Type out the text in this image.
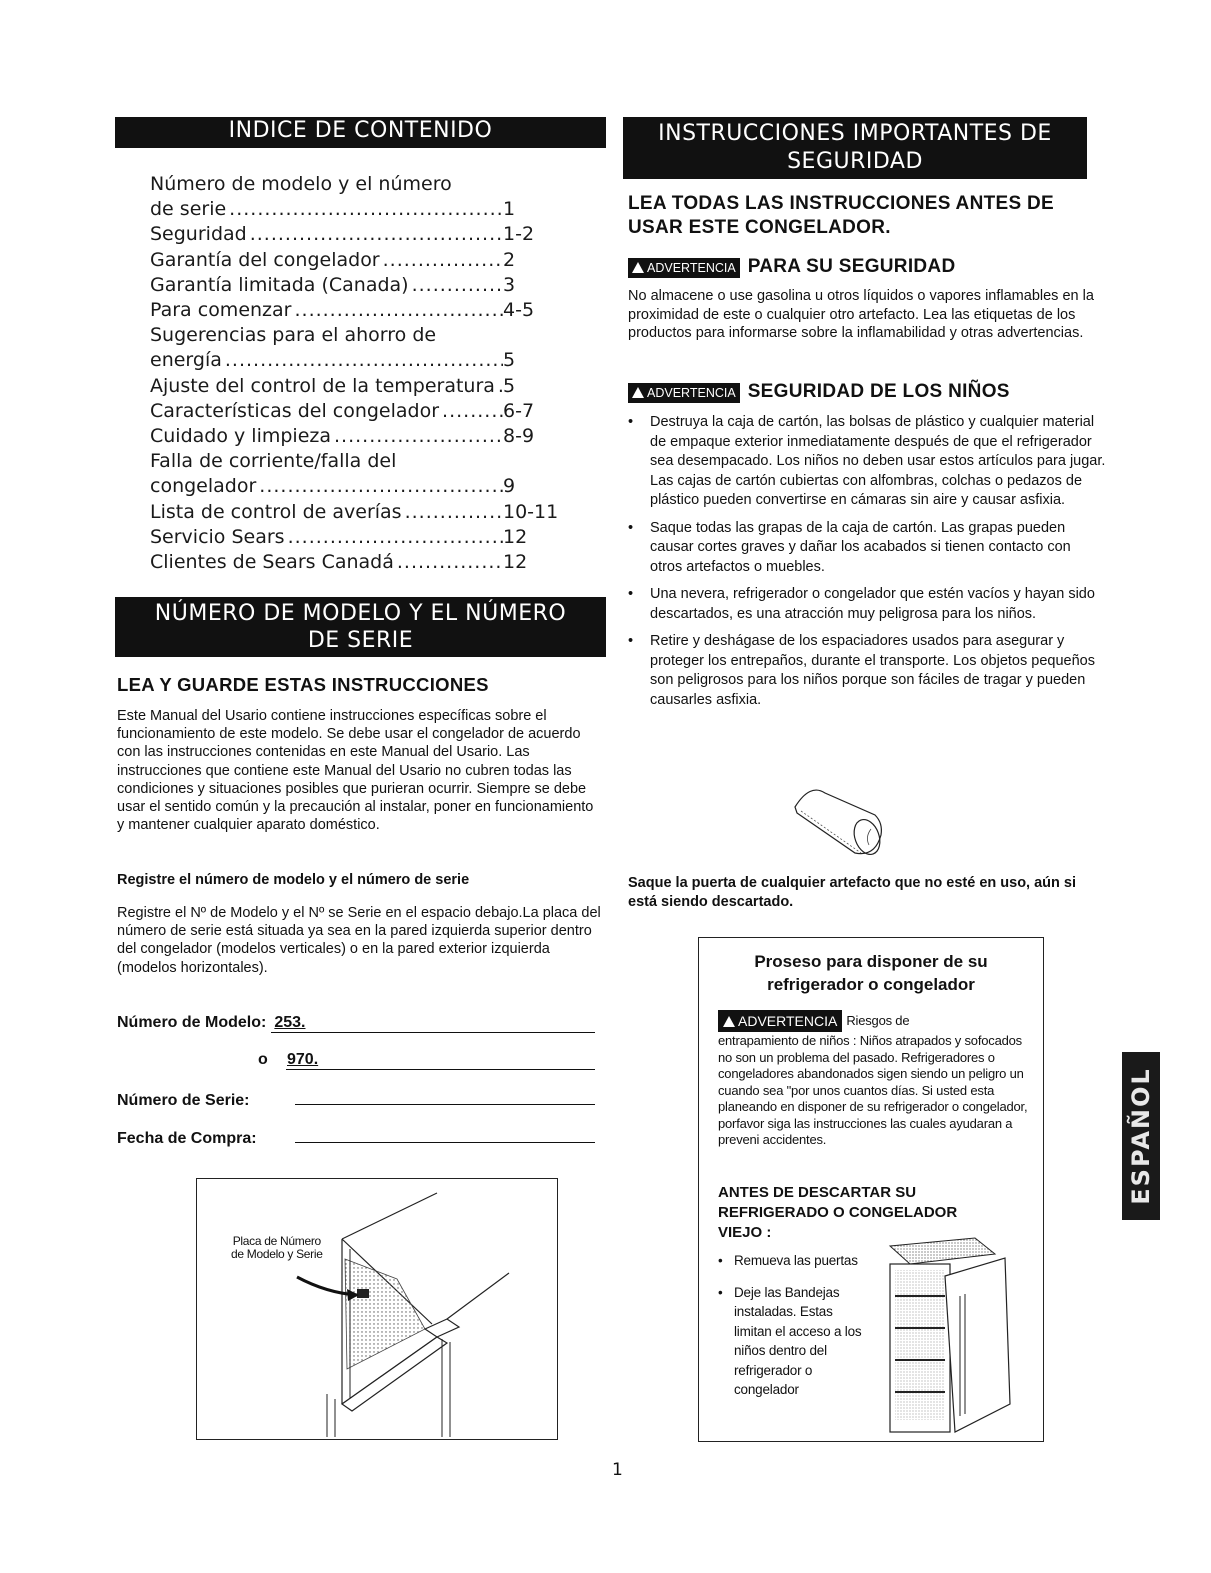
INDICE DE CONTENIDO
Número de modelo y el número
de serie .....	1
Seguridad .....	1-2
Garantía del congelador .....	2
Garantía limitada (Canada) .....	3
Para comenzar .....	4-5
Sugerencias para el ahorro de
energía .....	5
Ajuste del control de la temperatura ..... 5
Características del congelador .....	6-7
Cuidado y limpieza .....	8-9
Falla de corriente/falla del
congelador .....	9
Lista de control de averías .....	10-11
Servicio Sears .....	12
Clientes de Sears Canadá .....	12
NÚMERO DE MODELO Y EL NÚMERO
DE SERIE
LEA Y GUARDE ESTAS INSTRUCCIONES
Este Manual del Usario contiene instrucciones específicas sobre el funcionamiento de este modelo. Se debe usar el congelador de acuerdo con las instrucciones contenidas en este Manual del Usario. Las instrucciones que contiene este Manual del Usario no cubren todas las condiciones y situaciones posibles que purieran ocurrir. Siempre se debe usar el sentido común y la precaución al instalar, poner en funcionamiento y mantener cualquier aparato doméstico.
Registre el número de modelo y el número de serie
Registre el Nº de Modelo y el Nº se Serie en el espacio debajo.La placa del número de serie está situada ya sea en la pared izquierda superior dentro del congelador (modelos verticales) o en la pared exterior izquierda (modelos horizontales).
Número de Modelo: 253.
o	970.
Número de Serie:
Fecha de Compra:
Placa de Número
de Modelo y Serie
INSTRUCCIONES IMPORTANTES DE
SEGURIDAD
LEA TODAS LAS INSTRUCCIONES ANTES DE
USAR ESTE CONGELADOR.
ADVERTENCIA PARA SU SEGURIDAD
No almacene o use gasolina u otros líquidos o vapores inflamables en la proximidad de este o cualquier otro artefacto. Lea las etiquetas de los productos para informarse sobre la inflamabilidad y otras advertencias.
ADVERTENCIA SEGURIDAD DE LOS NIÑOS
• Destruya la caja de cartón, las bolsas de plástico y cualquier material de empaque exterior inmediatamente después de que el refrigerador sea desempacado. Los niños no deben usar estos artículos para jugar. Las cajas de cartón cubiertas con alfombras, colchas o pedazos de plástico pueden convertirse en cámaras sin aire y causar asfixia.
• Saque todas las grapas de la caja de cartón. Las grapas pueden causar cortes graves y dañar los acabados si tienen contacto con otros artefactos o muebles.
• Una nevera, refrigerador o congelador que estén vacíos y hayan sido descartados, es una atracción muy peligrosa para los niños.
• Retire y deshágase de los espaciadores usados para asegurar y proteger los entrepaños, durante el transporte. Los objetos pequeños son peligrosos para los niños porque son fáciles de tragar y pueden causarles asfixia.
Saque la puerta de cualquier artefacto que no esté en uso, aún si está siendo descartado.
Proseso para disponer de su
refrigerador o congelador
ADVERTENCIA Riesgos de
entrapamiento de niños : Niños atrapados y sofocados no son un problema del pasado. Refrigeradores o congeladores abandonados sigen siendo un peligro un cuando sea "por unos cuantos días. Si usted esta planeando en disponer de su refrigerador o congelador, porfavor siga las instrucciones las cuales ayudaran a preveni accidentes.
ANTES DE DESCARTAR SU
REFRIGERADO O CONGELADOR
VIEJO :
• Remueva las puertas
• Deje las Bandejas instaladas. Estas limitan el acceso a los niños dentro del refrigerador o congelador
ESPAÑOL
1
